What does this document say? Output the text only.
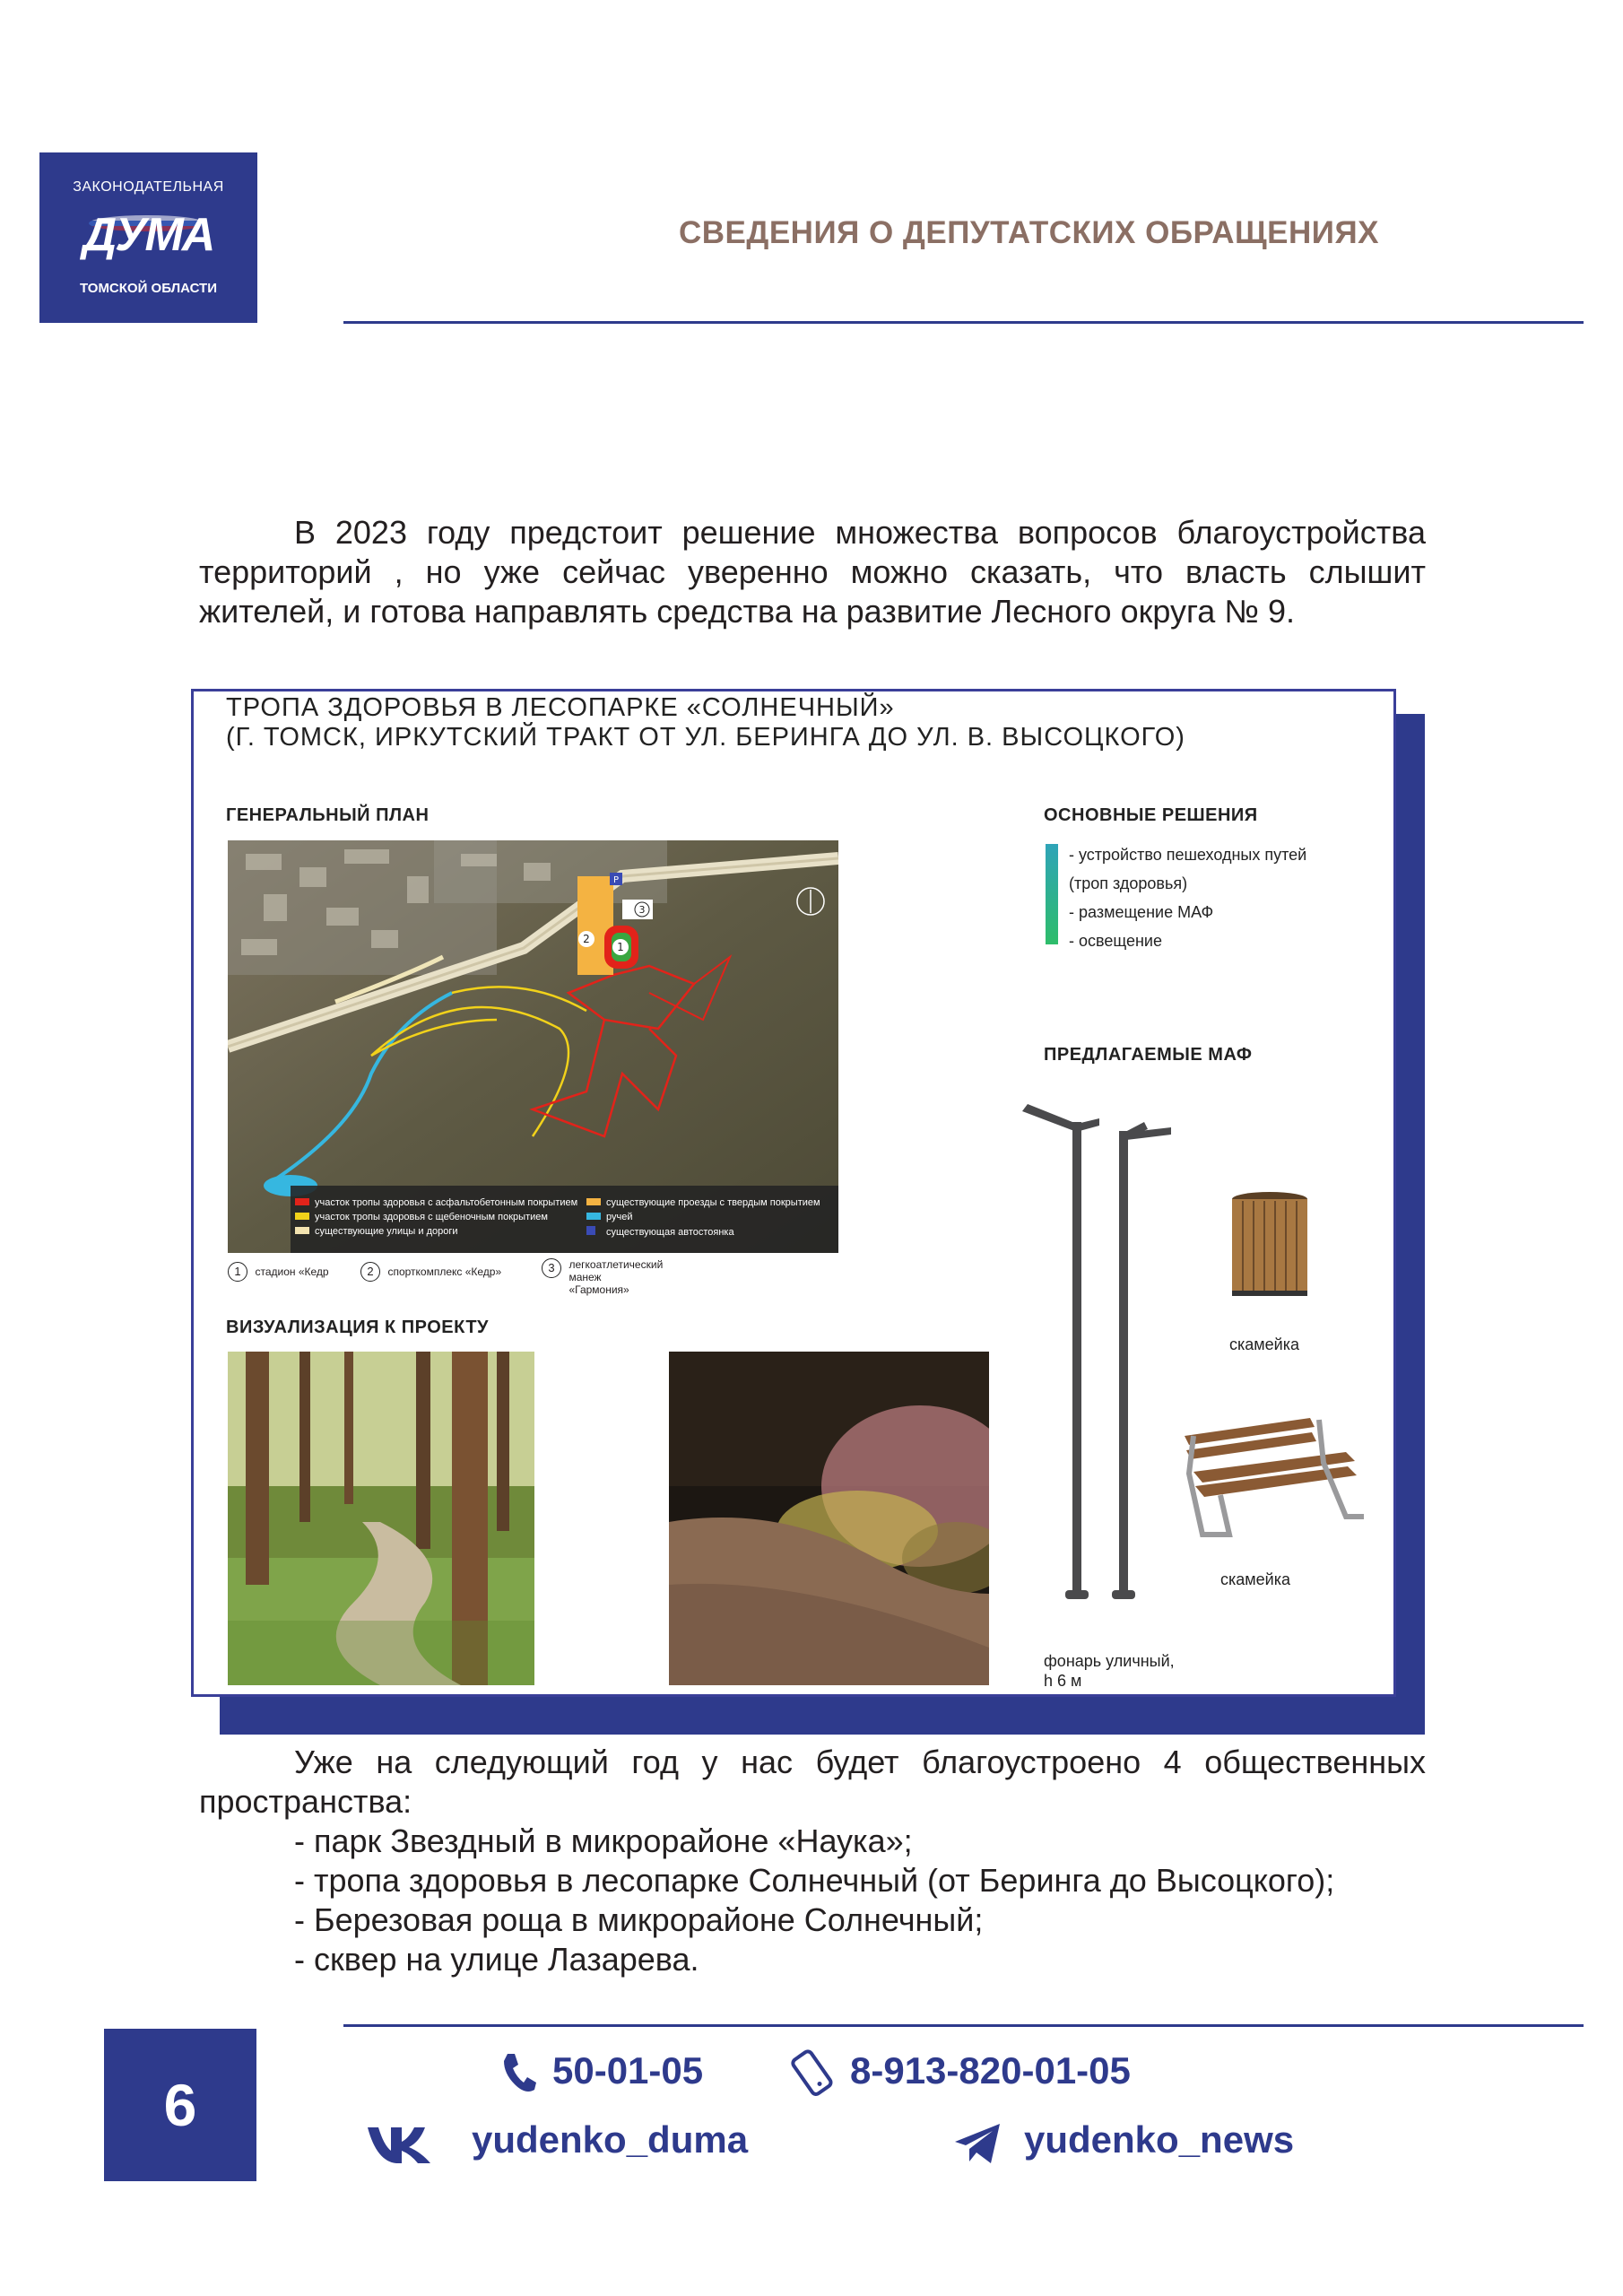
ЗАКОНОДАТЕЛЬНАЯ
ДУМА
ТОМСКОЙ ОБЛАСТИ
СВЕДЕНИЯ О ДЕПУТАТСКИХ ОБРАЩЕНИЯХ
В 2023 году предстоит решение множества вопросов благоустройства территорий , но уже сейчас уверенно можно сказать, что власть слышит жителей, и готова направлять средства на развитие Лесного округа № 9.
ТРОПА ЗДОРОВЬЯ В ЛЕСОПАРКЕ «СОЛНЕЧНЫЙ»
(Г. ТОМСК, ИРКУТСКИЙ ТРАКТ ОТ УЛ. БЕРИНГА ДО УЛ. В. ВЫСОЦКОГО)
ГЕНЕРАЛЬНЫЙ ПЛАН
1
2
3
P
участок тропы здоровья с асфальтобетонным покрытием
участок тропы здоровья с щебеночным покрытием
существующие улицы и дороги
существующие проезды с твердым покрытием
ручей
существующая автостоянка
1 стадион «Кедр	2 спорткомплекс «Кедр»	3 легкоатлетический манеж «Гармония»
ВИЗУАЛИЗАЦИЯ К ПРОЕКТУ
ОСНОВНЫЕ РЕШЕНИЯ
- устройство пешеходных путей
(троп здоровья)
- размещение МАФ
- освещение
ПРЕДЛАГАЕМЫЕ МАФ
фонарь уличный,
h 6 м
скамейка
скамейка
Уже на следующий год у нас будет благоустроено 4 общественных пространства:
- парк Звездный в микрорайоне «Наука»;
- тропа здоровья в лесопарке Солнечный (от Беринга до Высоцкого);
- Березовая роща в микрорайоне Солнечный;
- сквер на улице Лазарева.
6
50-01-05	8-913-820-01-05
yudenko_duma	yudenko_news
